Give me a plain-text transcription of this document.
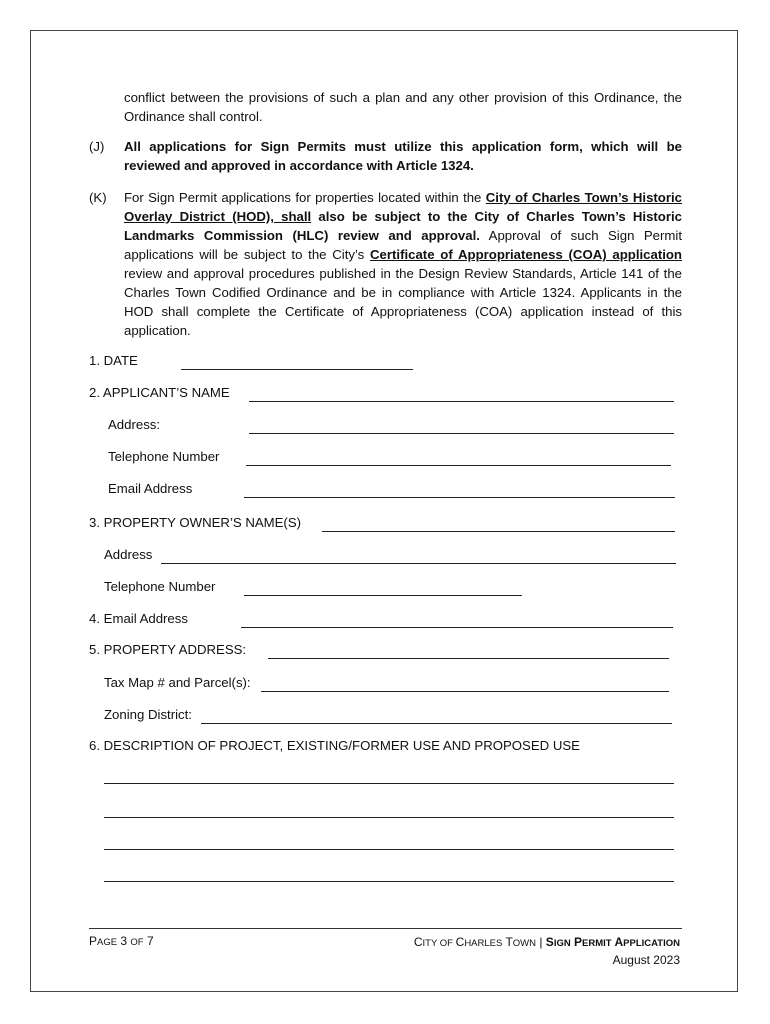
conflict between the provisions of such a plan and any other provision of this Ordinance, the Ordinance shall control.
(J) All applications for Sign Permits must utilize this application form, which will be reviewed and approved in accordance with Article 1324.
(K) For Sign Permit applications for properties located within the City of Charles Town’s Historic Overlay District (HOD), shall also be subject to the City of Charles Town’s Historic Landmarks Commission (HLC) review and approval. Approval of such Sign Permit applications will be subject to the City’s Certificate of Appropriateness (COA) application review and approval procedures published in the Design Review Standards, Article 141 of the Charles Town Codified Ordinance and be in compliance with Article 1324. Applicants in the HOD shall complete the Certificate of Appropriateness (COA) application instead of this application.
1. DATE
2. APPLICANT’S NAME
Address:
Telephone Number
Email Address
3. PROPERTY OWNER’S NAME(S)
Address
Telephone Number
4. Email Address
5. PROPERTY ADDRESS:
Tax Map # and Parcel(s):
Zoning District:
6. DESCRIPTION OF PROJECT, EXISTING/FORMER USE AND PROPOSED USE
PAGE 3 OF 7	CITY OF CHARLES TOWN | SIGN PERMIT APPLICATION
August 2023
